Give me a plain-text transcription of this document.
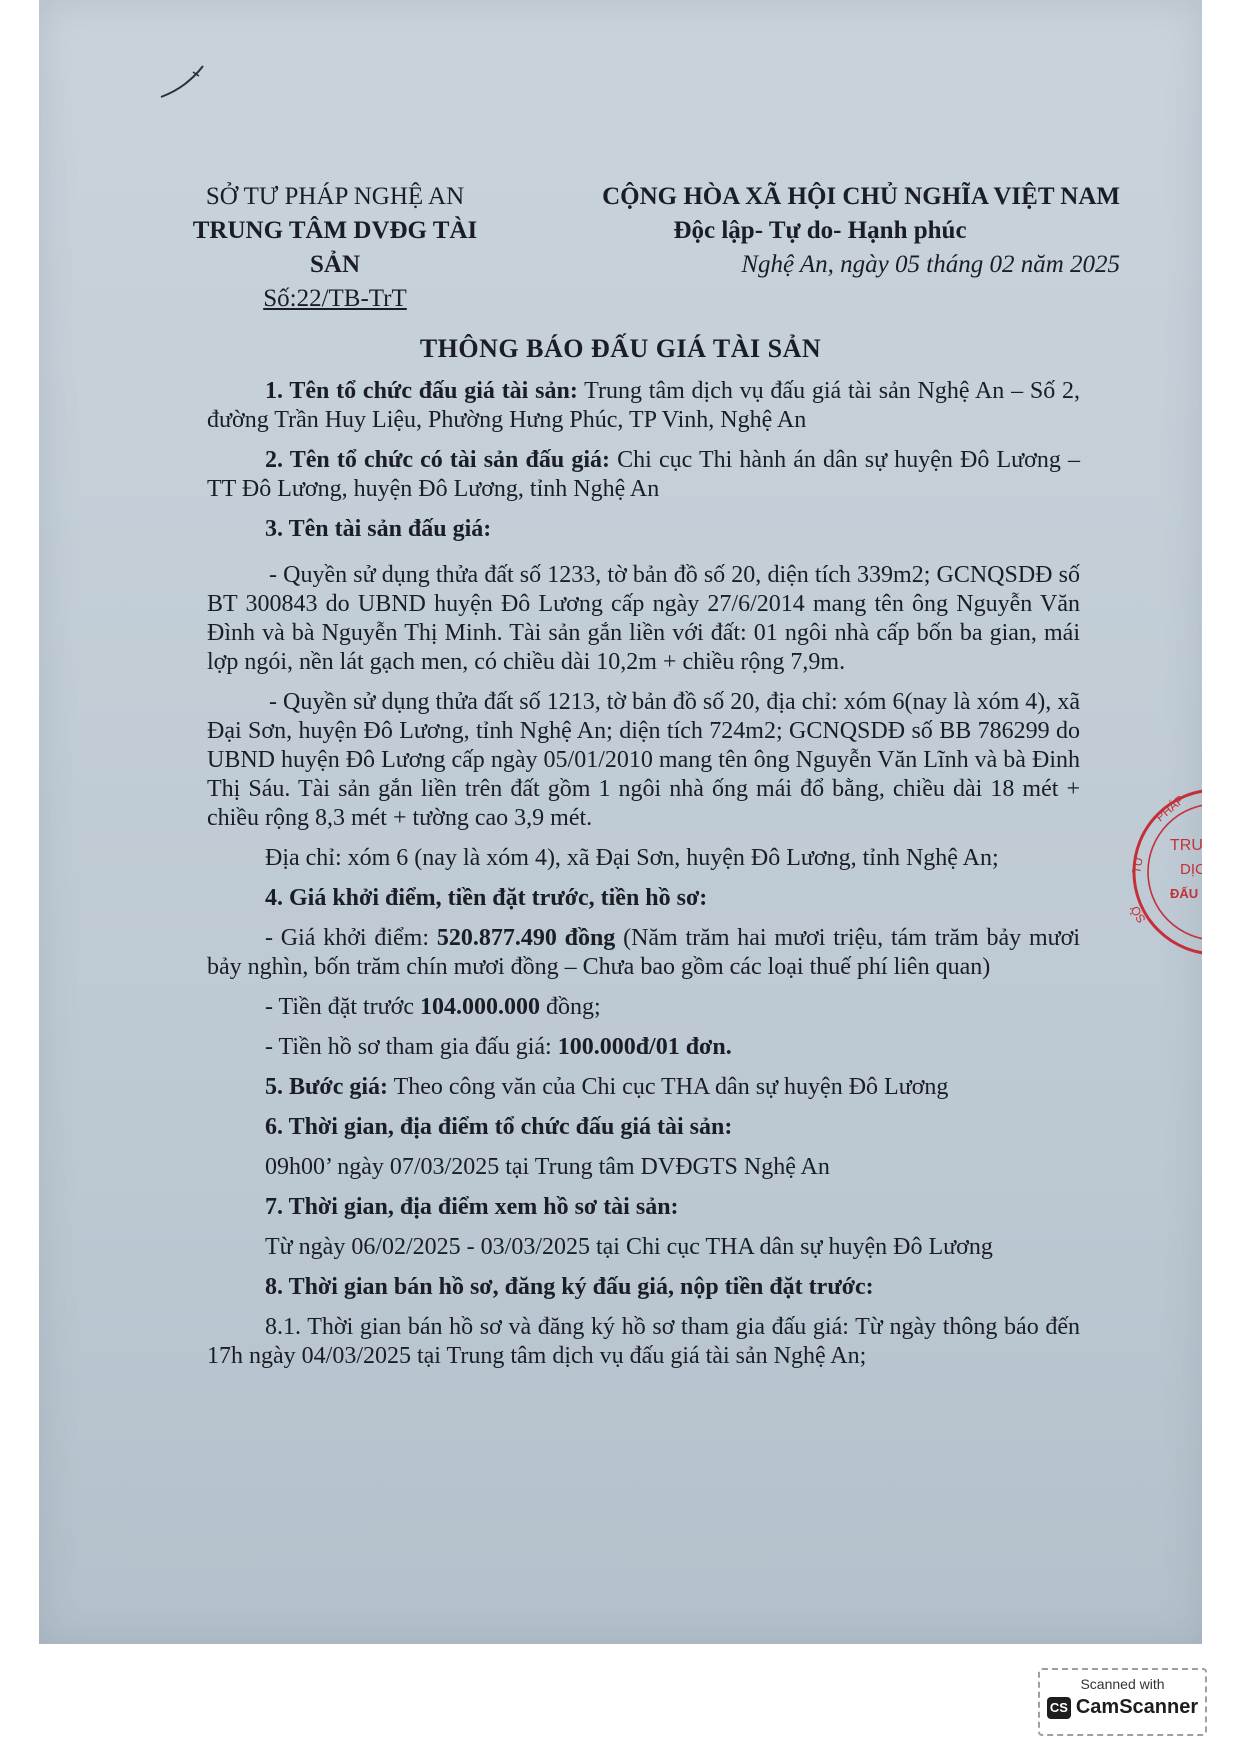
SỞ TƯ PHÁP NGHỆ AN
TRUNG TÂM DVĐG TÀI SẢN
Số:22/TB-TrT
CỘNG HÒA XÃ HỘI CHỦ NGHĨA VIỆT NAM
Độc lập- Tự do- Hạnh phúc
Nghệ An, ngày 05 tháng 02 năm 2025
THÔNG BÁO ĐẤU GIÁ TÀI SẢN

1. Tên tổ chức đấu giá tài sản: Trung tâm dịch vụ đấu giá tài sản Nghệ An – Số 2, đường Trần Huy Liệu, Phường Hưng Phúc, TP Vinh, Nghệ An

2. Tên tổ chức có tài sản đấu giá: Chi cục Thi hành án dân sự huyện Đô Lương – TT Đô Lương, huyện Đô Lương, tỉnh Nghệ An

3. Tên tài sản đấu giá:

- Quyền sử dụng thửa đất số 1233, tờ bản đồ số 20, diện tích 339m2; GCNQSDĐ số BT 300843 do UBND huyện Đô Lương cấp ngày 27/6/2014 mang tên ông Nguyễn Văn Đình và bà Nguyễn Thị Minh. Tài sản gắn liền với đất: 01 ngôi nhà cấp bốn ba gian, mái lợp ngói, nền lát gạch men, có chiều dài 10,2m + chiều rộng 7,9m.

- Quyền sử dụng thửa đất số 1213, tờ bản đồ số 20, địa chỉ: xóm 6(nay là xóm 4), xã Đại Sơn, huyện Đô Lương, tỉnh Nghệ An; diện tích 724m2; GCNQSDĐ số BB 786299 do UBND huyện Đô Lương cấp ngày 05/01/2010 mang tên ông Nguyễn Văn Lĩnh và bà Đinh Thị Sáu. Tài sản gắn liền trên đất gồm 1 ngôi nhà ống mái đổ bằng, chiều dài 18 mét + chiều rộng 8,3 mét + tường cao 3,9 mét.

Địa chỉ: xóm 6 (nay là xóm 4), xã Đại Sơn, huyện Đô Lương, tỉnh Nghệ An;

4. Giá khởi điểm, tiền đặt trước, tiền hồ sơ:

- Giá khởi điểm: 520.877.490 đồng (Năm trăm hai mươi triệu, tám trăm bảy mươi bảy nghìn, bốn trăm chín mươi đồng – Chưa bao gồm các loại thuế phí liên quan)

- Tiền đặt trước 104.000.000 đồng;

- Tiền hồ sơ tham gia đấu giá: 100.000đ/01 đơn.

5. Bước giá: Theo công văn của Chi cục THA dân sự huyện Đô Lương

6. Thời gian, địa điểm tổ chức đấu giá tài sản:

09h00’ ngày 07/03/2025 tại Trung tâm DVĐGTS Nghệ An

7. Thời gian, địa điểm xem hồ sơ tài sản:

Từ ngày 06/02/2025 - 03/03/2025 tại Chi cục THA dân sự huyện Đô Lương

8. Thời gian bán hồ sơ, đăng ký đấu giá, nộp tiền đặt trước:

8.1. Thời gian bán hồ sơ và đăng ký hồ sơ tham gia đấu giá: Từ ngày thông báo đến 17h ngày 04/03/2025 tại Trung tâm dịch vụ đấu giá tài sản Nghệ An;

PHÁP
TƯ
SỞ
TRUN
DỊC
ĐẤU GIÁ
Scanned with
CS CamScanner
